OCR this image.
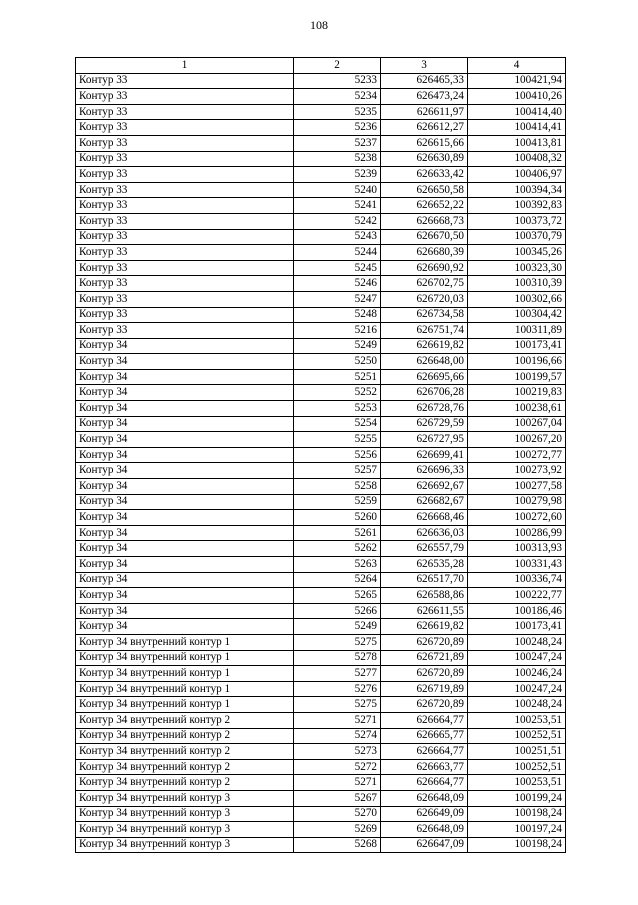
108
1	2	3	4
Контур 33	5233	626465,33	100421,94
Контур 33	5234	626473,24	100410,26
Контур 33	5235	626611,97	100414,40
Контур 33	5236	626612,27	100414,41
Контур 33	5237	626615,66	100413,81
Контур 33	5238	626630,89	100408,32
Контур 33	5239	626633,42	100406,97
Контур 33	5240	626650,58	100394,34
Контур 33	5241	626652,22	100392,83
Контур 33	5242	626668,73	100373,72
Контур 33	5243	626670,50	100370,79
Контур 33	5244	626680,39	100345,26
Контур 33	5245	626690,92	100323,30
Контур 33	5246	626702,75	100310,39
Контур 33	5247	626720,03	100302,66
Контур 33	5248	626734,58	100304,42
Контур 33	5216	626751,74	100311,89
Контур 34	5249	626619,82	100173,41
Контур 34	5250	626648,00	100196,66
Контур 34	5251	626695,66	100199,57
Контур 34	5252	626706,28	100219,83
Контур 34	5253	626728,76	100238,61
Контур 34	5254	626729,59	100267,04
Контур 34	5255	626727,95	100267,20
Контур 34	5256	626699,41	100272,77
Контур 34	5257	626696,33	100273,92
Контур 34	5258	626692,67	100277,58
Контур 34	5259	626682,67	100279,98
Контур 34	5260	626668,46	100272,60
Контур 34	5261	626636,03	100286,99
Контур 34	5262	626557,79	100313,93
Контур 34	5263	626535,28	100331,43
Контур 34	5264	626517,70	100336,74
Контур 34	5265	626588,86	100222,77
Контур 34	5266	626611,55	100186,46
Контур 34	5249	626619,82	100173,41
Контур 34 внутренний контур 1	5275	626720,89	100248,24
Контур 34 внутренний контур 1	5278	626721,89	100247,24
Контур 34 внутренний контур 1	5277	626720,89	100246,24
Контур 34 внутренний контур 1	5276	626719,89	100247,24
Контур 34 внутренний контур 1	5275	626720,89	100248,24
Контур 34 внутренний контур 2	5271	626664,77	100253,51
Контур 34 внутренний контур 2	5274	626665,77	100252,51
Контур 34 внутренний контур 2	5273	626664,77	100251,51
Контур 34 внутренний контур 2	5272	626663,77	100252,51
Контур 34 внутренний контур 2	5271	626664,77	100253,51
Контур 34 внутренний контур 3	5267	626648,09	100199,24
Контур 34 внутренний контур 3	5270	626649,09	100198,24
Контур 34 внутренний контур 3	5269	626648,09	100197,24
Контур 34 внутренний контур 3	5268	626647,09	100198,24
